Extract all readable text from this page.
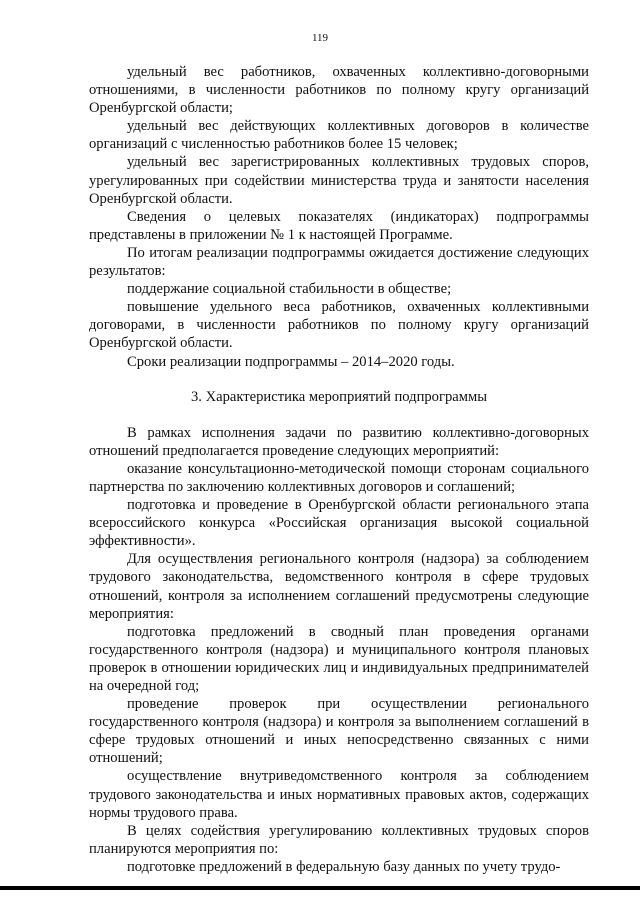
119

удельный вес работников, охваченных коллективно-договорными отношениями, в численности работников по полному кругу организаций Оренбургской области;

удельный вес действующих коллективных договоров в количестве организаций с численностью работников более 15 человек;

удельный вес зарегистрированных коллективных трудовых споров, урегулированных при содействии министерства труда и занятости населения Оренбургской области.

Сведения о целевых показателях (индикаторах) подпрограммы представлены в приложении № 1 к настоящей Программе.

По итогам реализации подпрограммы ожидается достижение следующих результатов:

поддержание социальной стабильности в обществе;

повышение удельного веса работников, охваченных коллективными договорами, в численности работников по полному кругу организаций Оренбургской области.

Сроки реализации подпрограммы – 2014–2020 годы.

3. Характеристика мероприятий подпрограммы

В рамках исполнения задачи по развитию коллективно-договорных отношений предполагается проведение следующих мероприятий:

оказание консультационно-методической помощи сторонам социального партнерства по заключению коллективных договоров и соглашений;

подготовка и проведение в Оренбургской области регионального этапа всероссийского конкурса «Российская организация высокой социальной эффективности».

Для осуществления регионального контроля (надзора) за соблюдением трудового законодательства, ведомственного контроля в сфере трудовых отношений, контроля за исполнением соглашений предусмотрены следующие мероприятия:

подготовка предложений в сводный план проведения органами государственного контроля (надзора) и муниципального контроля плановых проверок в отношении юридических лиц и индивидуальных предпринимателей на очередной год;

проведение проверок при осуществлении регионального государственного контроля (надзора) и контроля за выполнением соглашений в сфере трудовых отношений и иных непосредственно связанных с ними отношений;

осуществление внутриведомственного контроля за соблюдением трудового законодательства и иных нормативных правовых актов, содержащих нормы трудового права.

В целях содействия урегулированию коллективных трудовых споров планируются мероприятия по:

подготовке предложений в федеральную базу данных по учету трудо-
